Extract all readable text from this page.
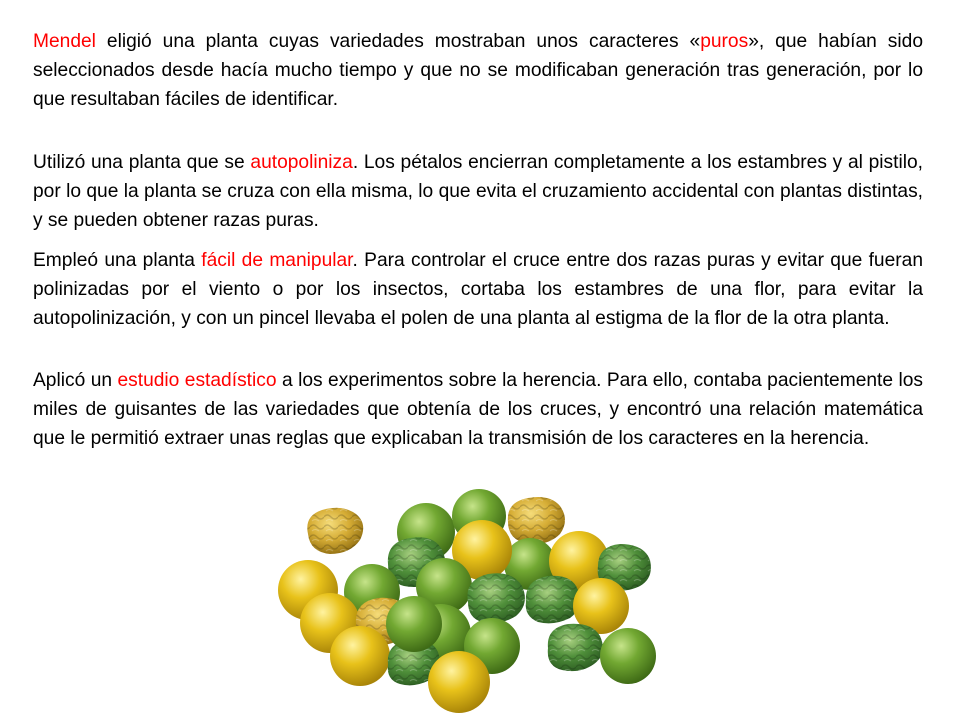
Mendel eligió una planta cuyas variedades mostraban unos caracteres «puros», que habían sido seleccionados desde hacía mucho tiempo y que no se modificaban generación tras generación, por lo que resultaban fáciles de identificar.

Utilizó una planta que se autopoliniza. Los pétalos encierran completamente a los estambres y al pistilo, por lo que la planta se cruza con ella misma, lo que evita el cruzamiento accidental con plantas distintas, y se pueden obtener razas puras.

Empleó una planta fácil de manipular. Para controlar el cruce entre dos razas puras y evitar que fueran polinizadas por el viento o por los insectos, cortaba los estambres de una flor, para evitar la autopolinización, y con un pincel llevaba el polen de una planta al estigma de la flor de la otra planta.

Aplicó un estudio estadístico a los experimentos sobre la herencia. Para ello, contaba pacientemente los miles de guisantes de las variedades que obtenía de los cruces, y encontró una relación matemática que le permitió extraer unas reglas que explicaban la transmisión de los caracteres en la herencia.
